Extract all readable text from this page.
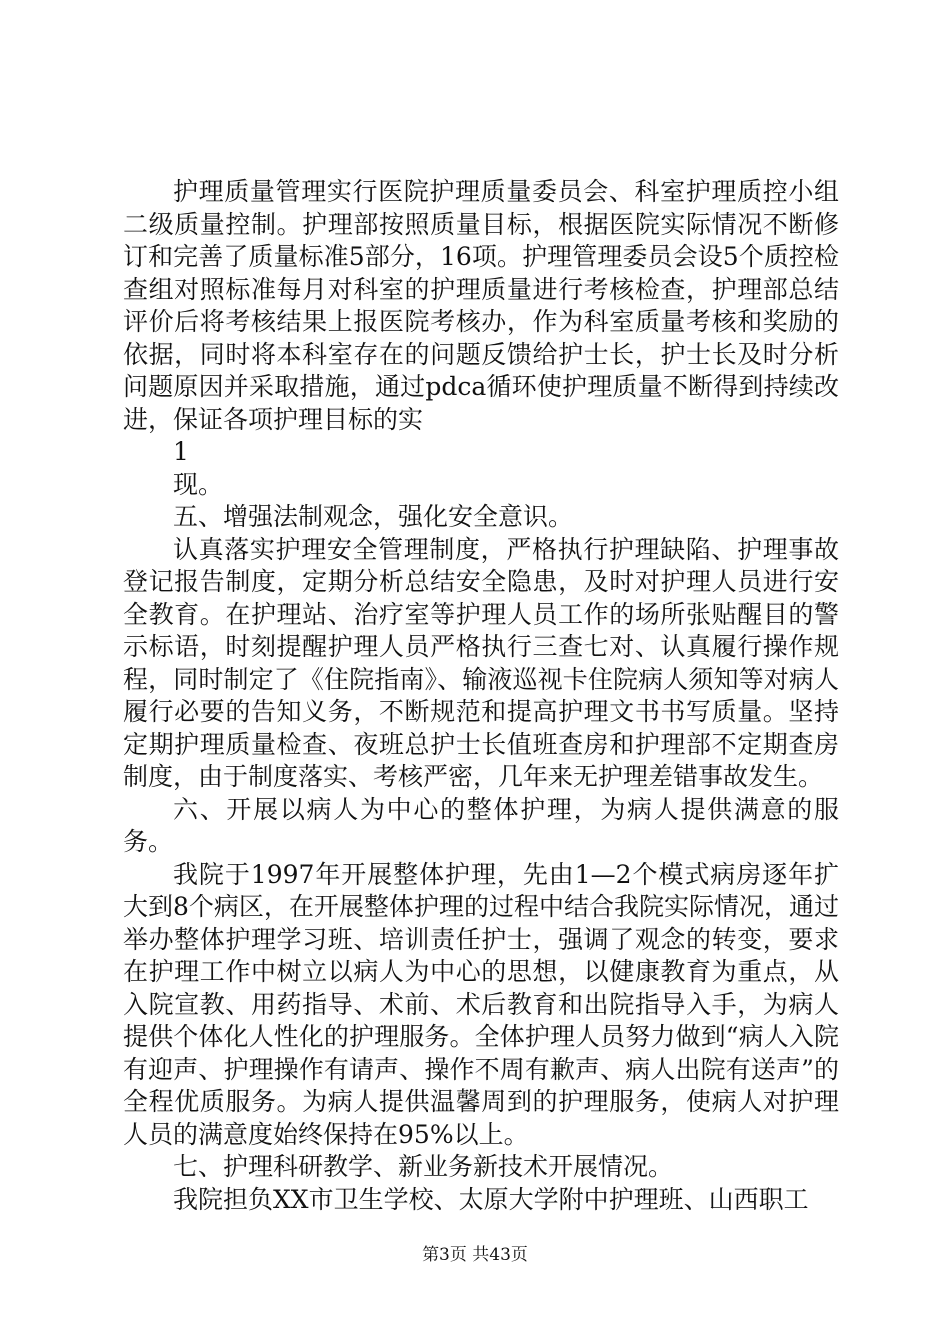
护理质量管理实行医院护理质量委员会、科室护理质控小组二级质量控制。护理部按照质量目标，根据医院实际情况不断修订和完善了质量标准5部分，16项。护理管理委员会设5个质控检查组对照标准每月对科室的护理质量进行考核检查，护理部总结评价后将考核结果上报医院考核办，作为科室质量考核和奖励的依据，同时将本科室存在的问题反馈给护士长，护士长及时分析问题原因并采取措施，通过pdca循环使护理质量不断得到持续改进，保证各项护理目标的实

1

现。

五、增强法制观念，强化安全意识。

认真落实护理安全管理制度，严格执行护理缺陷、护理事故登记报告制度，定期分析总结安全隐患，及时对护理人员进行安全教育。在护理站、治疗室等护理人员工作的场所张贴醒目的警示标语，时刻提醒护理人员严格执行三查七对、认真履行操作规程，同时制定了《住院指南》、输液巡视卡住院病人须知等对病人履行必要的告知义务，不断规范和提高护理文书书写质量。坚持定期护理质量检查、夜班总护士长值班查房和护理部不定期查房制度，由于制度落实、考核严密，几年来无护理差错事故发生。

六、开展以病人为中心的整体护理，为病人提供满意的服务。

我院于1997年开展整体护理，先由1—2个模式病房逐年扩大到8个病区，在开展整体护理的过程中结合我院实际情况，通过举办整体护理学习班、培训责任护士，强调了观念的转变，要求在护理工作中树立以病人为中心的思想，以健康教育为重点，从入院宣教、用药指导、术前、术后教育和出院指导入手，为病人提供个体化人性化的护理服务。全体护理人员努力做到“病人入院有迎声、护理操作有请声、操作不周有歉声、病人出院有送声”的全程优质服务。为病人提供温馨周到的护理服务，使病人对护理人员的满意度始终保持在95%以上。

七、护理科研教学、新业务新技术开展情况。

我院担负XX市卫生学校、太原大学附中护理班、山西职工

第3页 共43页
